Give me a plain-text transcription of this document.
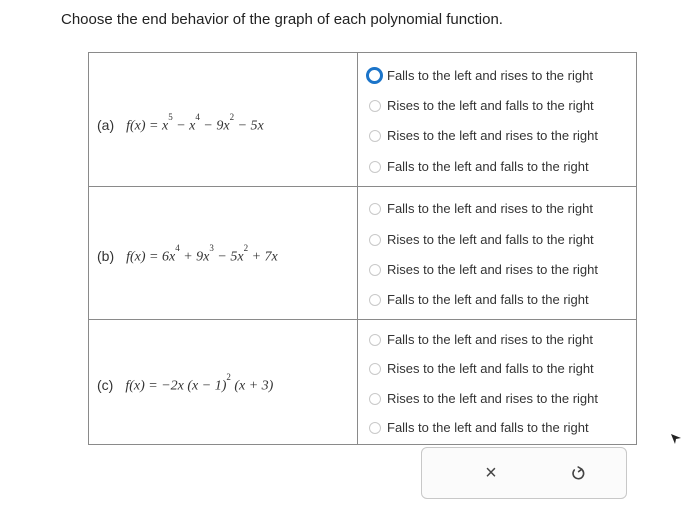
Choose the end behavior of the graph of each polynomial function.
(a) $f(x) = x^5 - x^4 - 9x^2 - 5x$
Falls to the left and rises to the right
Rises to the left and falls to the right
Rises to the left and rises to the right
Falls to the left and falls to the right
(b) $f(x) = 6x^4 + 9x^3 - 5x^2 + 7x$
Falls to the left and rises to the right
Rises to the left and falls to the right
Rises to the left and rises to the right
Falls to the left and falls to the right
(c) f(x) = −2x $(x - 1)^2$ (x + 3)
Falls to the left and rises to the right
Rises to the left and falls to the right
Rises to the left and rises to the right
Falls to the left and falls to the right
×
